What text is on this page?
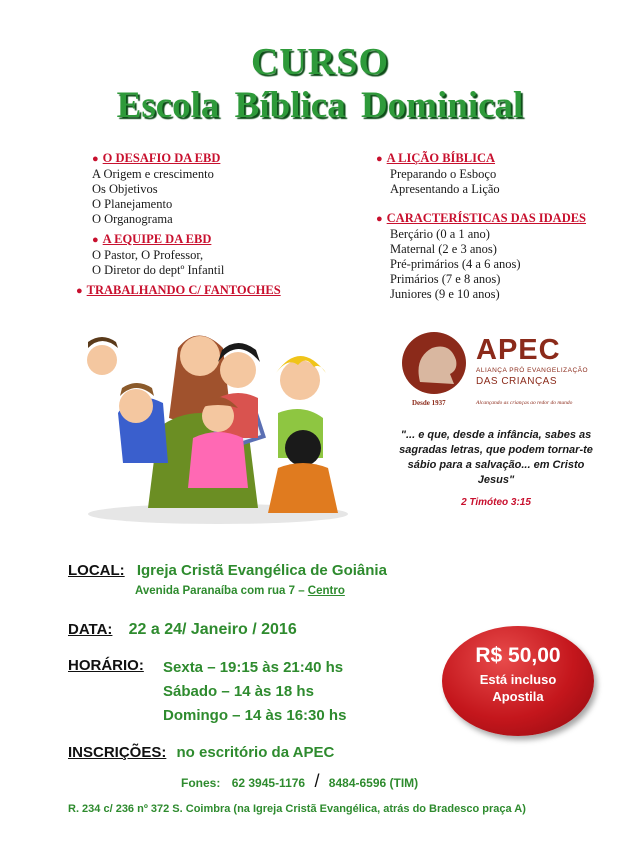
CURSO
Escola Bíblica Dominical
● O DESAFIO DA EBD
A Origem e crescimento
Os Objetivos
O Planejamento
O Organograma
● A EQUIPE DA EBD
O Pastor, O Professor,
O Diretor do deptº Infantil
● TRABALHANDO C/ FANTOCHES
● A LIÇÃO BÍBLICA
Preparando o Esboço
Apresentando a Lição
● CARACTERÍSTICAS DAS IDADES
Berçário (0 a 1 ano)
Maternal (2 e 3 anos)
Pré-primários (4 a 6 anos)
Primários (7 e 8 anos)
Juniores (9 e 10 anos)
APEC
ALIANÇA PRÓ EVANGELIZAÇÃO
DAS CRIANÇAS
Desde 1937	Alcançando as crianças ao redor do mundo
"... e que, desde a infância, sabes as sagradas letras, que podem tornar-te sábio para a salvação... em Cristo Jesus"
2 Timóteo 3:15
LOCAL: Igreja Cristã Evangélica de Goiânia
Avenida Paranaíba com rua 7 – Centro
DATA: 22 a 24/ Janeiro / 2016
HORÁRIO: Sexta – 19:15 às 21:40 hs
Sábado – 14 às 18 hs
Domingo – 14 às 16:30 hs
R$ 50,00
Está incluso
Apostila
INSCRIÇÕES: no escritório da APEC
Fones: 62 3945-1176 / 8484-6596 (TIM)
R. 234 c/ 236 nº 372 S. Coimbra (na Igreja Cristã Evangélica, atrás do Bradesco praça A)
